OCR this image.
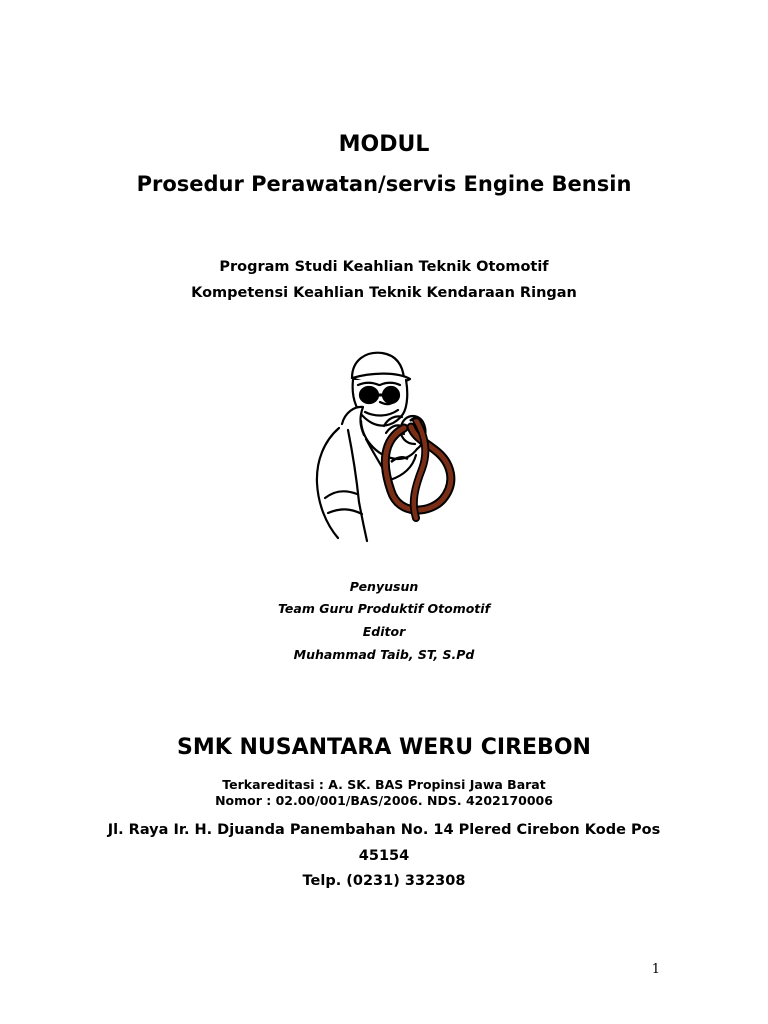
MODUL
Prosedur Perawatan/servis Engine Bensin
Program Studi Keahlian Teknik Otomotif
Kompetensi Keahlian Teknik Kendaraan Ringan
Penyusun
Team Guru Produktif Otomotif
Editor
Muhammad Taib, ST, S.Pd
SMK NUSANTARA WERU CIREBON
Terkareditasi : A. SK. BAS Propinsi Jawa Barat
Nomor : 02.00/001/BAS/2006. NDS. 4202170006
Jl. Raya Ir. H. Djuanda Panembahan No. 14 Plered Cirebon Kode Pos
45154
Telp. (0231) 332308
1
